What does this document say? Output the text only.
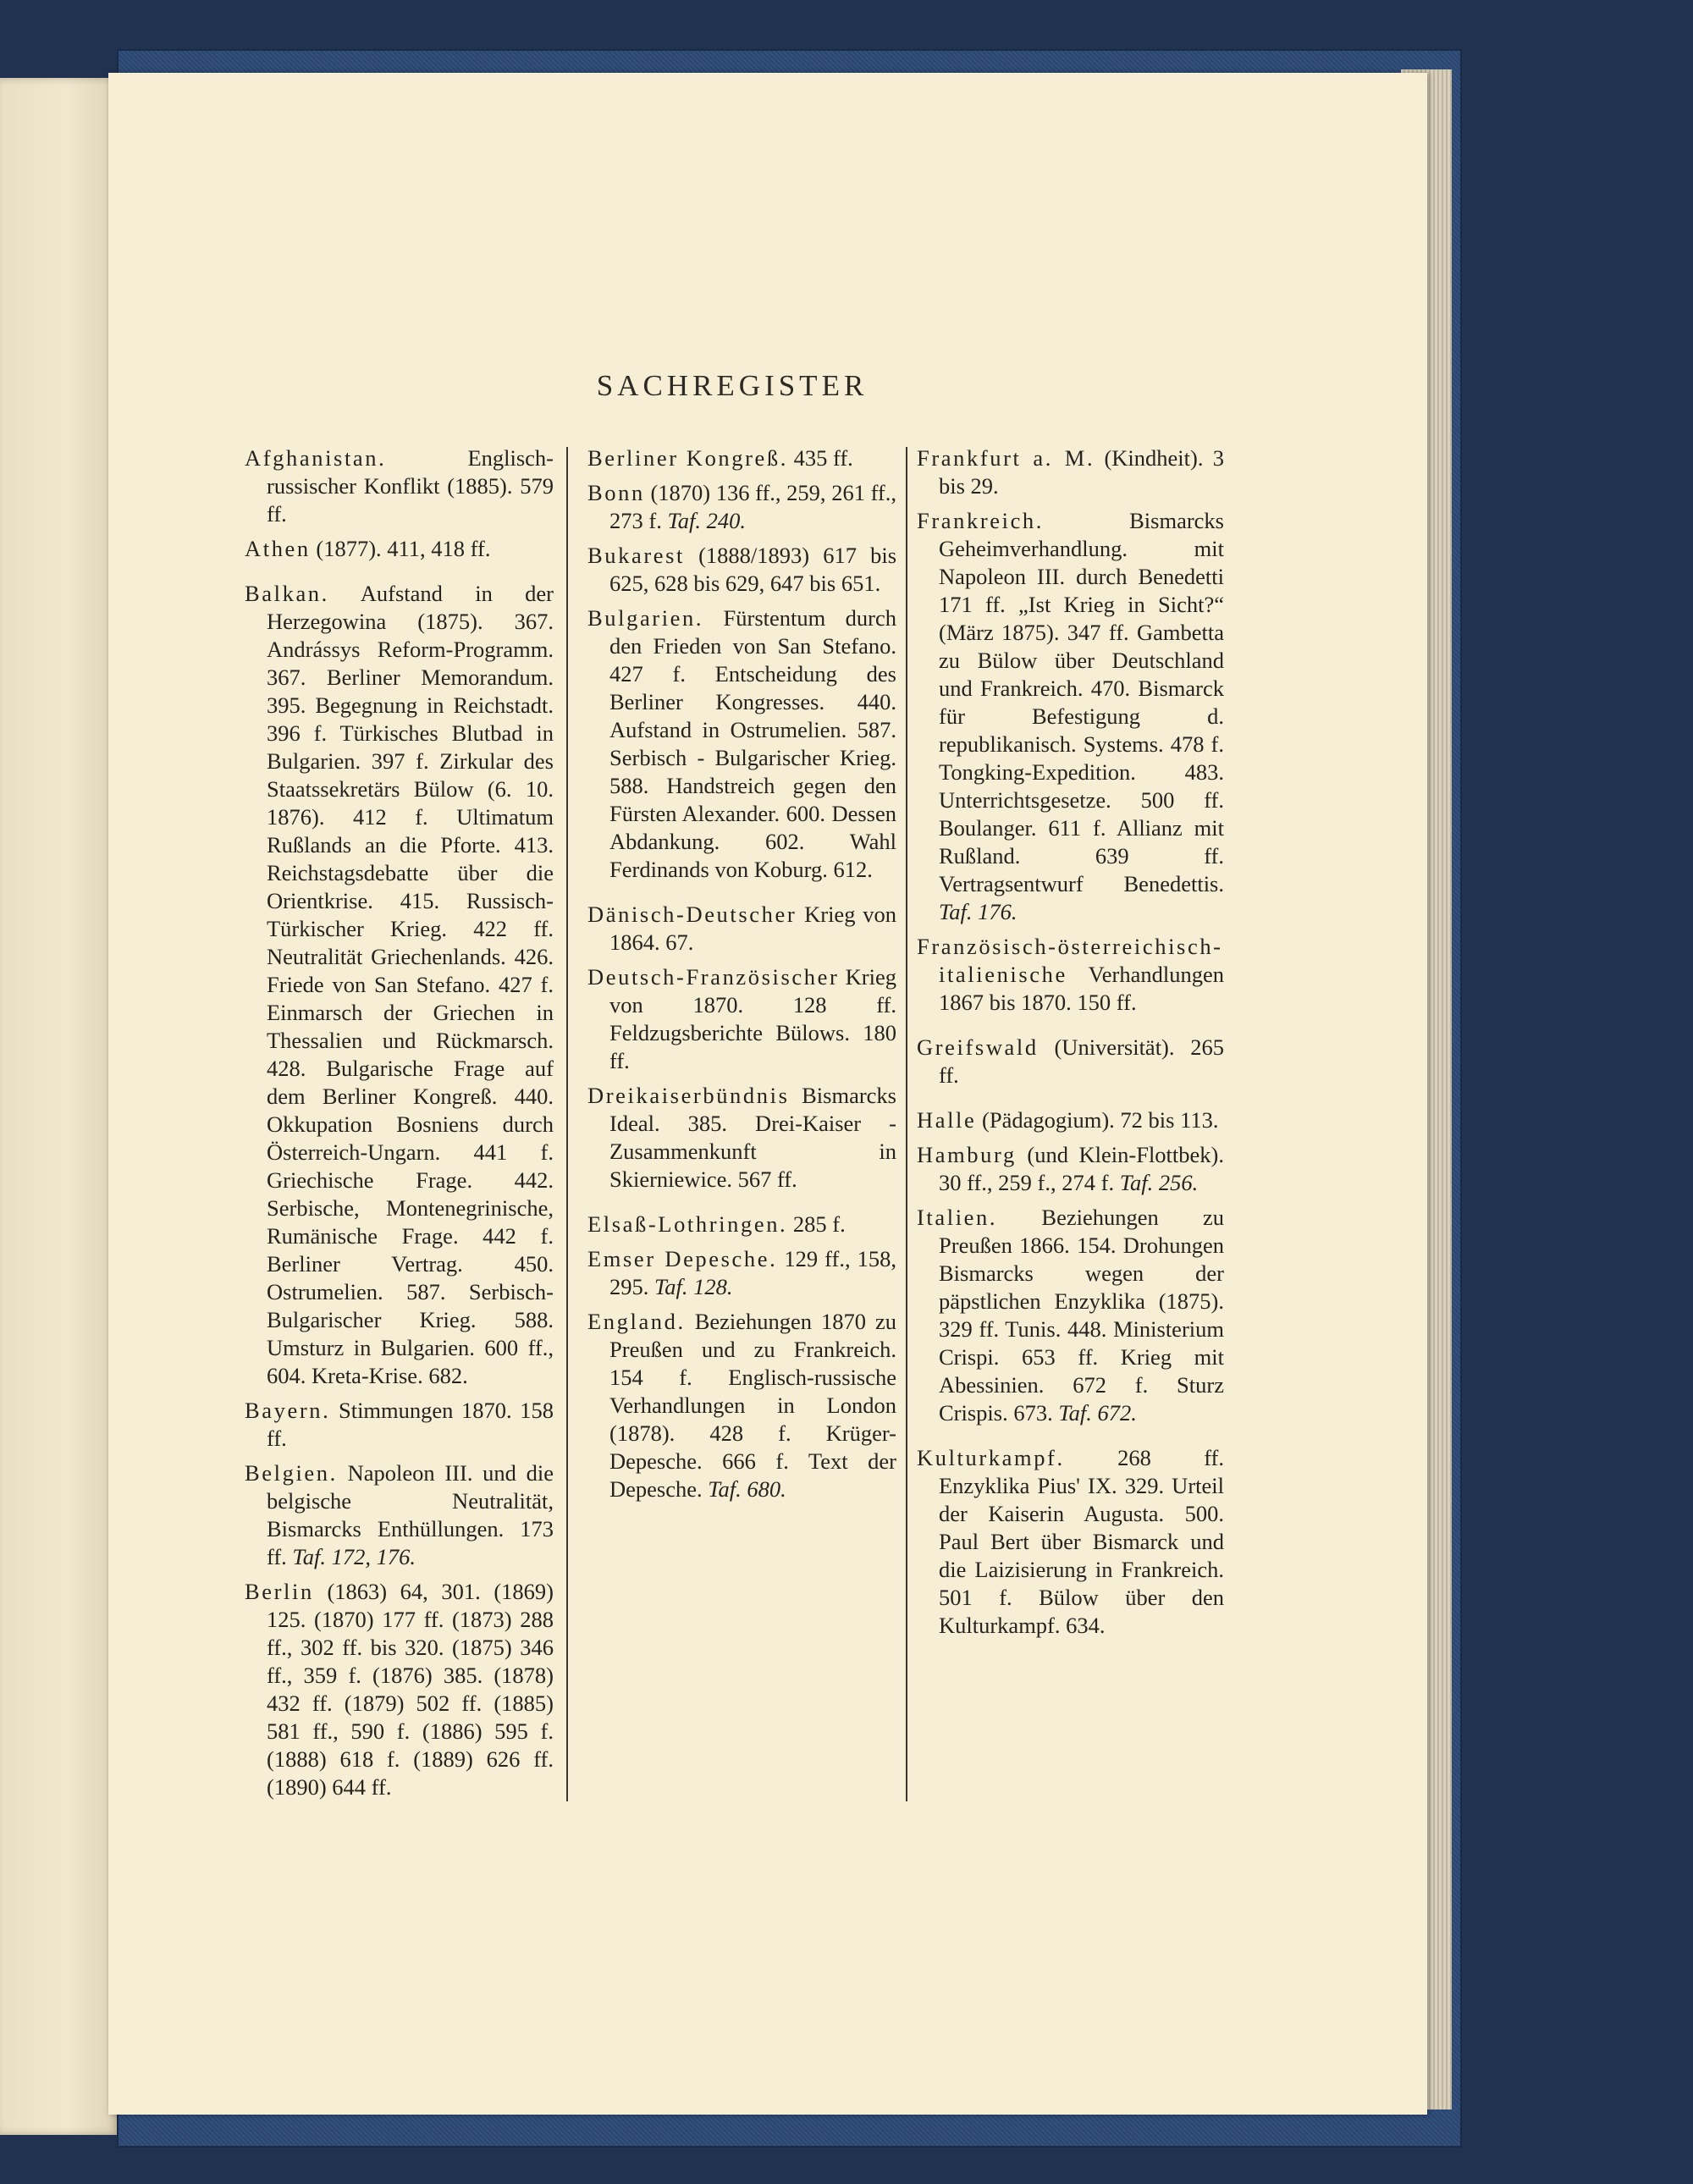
SACHREGISTER

Afghanistan.	Englisch-russischer Konflikt (1885). 579 ff.

Athen (1877). 411, 418 ff.

Balkan. Aufstand in der Herzegowina (1875). 367. Andrássys Reform-Programm. 367. Berliner Memorandum. 395. Begegnung in Reichstadt. 396 f. Türkisches Blutbad in Bulgarien. 397 f. Zirkular des Staatssekretärs Bülow (6. 10. 1876). 412 f. Ultimatum Rußlands an die Pforte. 413. Reichstagsdebatte über die Orientkrise. 415. Russisch-Türkischer Krieg. 422 ff. Neutralität Griechenlands. 426. Friede von San Stefano. 427 f. Einmarsch der Griechen in Thessalien und Rückmarsch. 428. Bulgarische Frage auf dem Berliner Kongreß. 440. Okkupation Bosniens durch Österreich-Ungarn. 441 f. Griechische Frage. 442. Serbische, Montenegrinische, Rumänische Frage. 442 f. Berliner Vertrag. 450. Ostrumelien. 587. Serbisch-Bulgarischer Krieg. 588. Umsturz in Bulgarien. 600 ff., 604. Kreta-Krise. 682.

Bayern. Stimmungen 1870. 158 ff.

Belgien. Napoleon III. und die belgische Neutralität, Bismarcks Enthüllungen. 173 ff. Taf. 172, 176.

Berlin (1863) 64, 301. (1869) 125. (1870) 177 ff. (1873) 288 ff., 302 ff. bis 320. (1875) 346 ff., 359 f. (1876) 385. (1878) 432 ff. (1879) 502 ff. (1885) 581 ff., 590 f. (1886) 595 f. (1888) 618 f. (1889) 626 ff. (1890) 644 ff.

Berliner Kongreß. 435 ff.

Bonn (1870) 136 ff., 259, 261 ff., 273 f. Taf. 240.

Bukarest (1888/1893) 617 bis 625, 628 bis 629, 647 bis 651.

Bulgarien. Fürstentum durch den Frieden von San Stefano. 427 f. Entscheidung des Berliner Kongresses. 440. Aufstand in Ostrumelien. 587. Serbisch - Bulgarischer Krieg. 588. Handstreich gegen den Fürsten Alexander. 600. Dessen Abdankung. 602. Wahl Ferdinands von Koburg. 612.

Dänisch-Deutscher Krieg von 1864. 67.

Deutsch-Französischer Krieg von 1870. 128 ff. Feldzugsberichte Bülows. 180 ff.

Dreikaiserbündnis Bismarcks Ideal. 385. Drei-Kaiser - Zusammenkunft in Skierniewice. 567 ff.

Elsaß-Lothringen. 285 f.

Emser Depesche. 129 ff., 158, 295. Taf. 128.

England. Beziehungen 1870 zu Preußen und zu Frankreich. 154 f. Englisch-russische Verhandlungen in London (1878). 428 f. Krüger-Depesche. 666 f. Text der Depesche. Taf. 680.

Frankfurt a. M. (Kindheit). 3 bis 29.

Frankreich.	Bismarcks Geheimverhandlung. mit Napoleon III. durch Benedetti 171 ff. „Ist Krieg in Sicht?“ (März 1875). 347 ff. Gambetta zu Bülow über Deutschland und Frankreich. 470. Bismarck für Befestigung d. republikanisch. Systems. 478 f. Tongking-Expedition. 483. Unterrichtsgesetze. 500 ff. Boulanger. 611 f. Allianz mit Rußland. 639 ff. Vertragsentwurf Benedettis. Taf. 176.

Französisch-österreichisch-italienische Verhandlungen 1867 bis 1870. 150 ff.

Greifswald (Universität). 265 ff.

Halle (Pädagogium). 72 bis 113.

Hamburg (und Klein-Flottbek). 30 ff., 259 f., 274 f. Taf. 256.

Italien. Beziehungen zu Preußen 1866. 154. Drohungen Bismarcks wegen der päpstlichen Enzyklika (1875). 329 ff. Tunis. 448. Ministerium Crispi. 653 ff. Krieg mit Abessinien. 672 f. Sturz Crispis. 673. Taf. 672.

Kulturkampf. 268 ff. Enzyklika Pius' IX. 329. Urteil der Kaiserin Augusta. 500. Paul Bert über Bismarck und die Laizisierung in Frankreich. 501 f. Bülow über den Kulturkampf. 634.
